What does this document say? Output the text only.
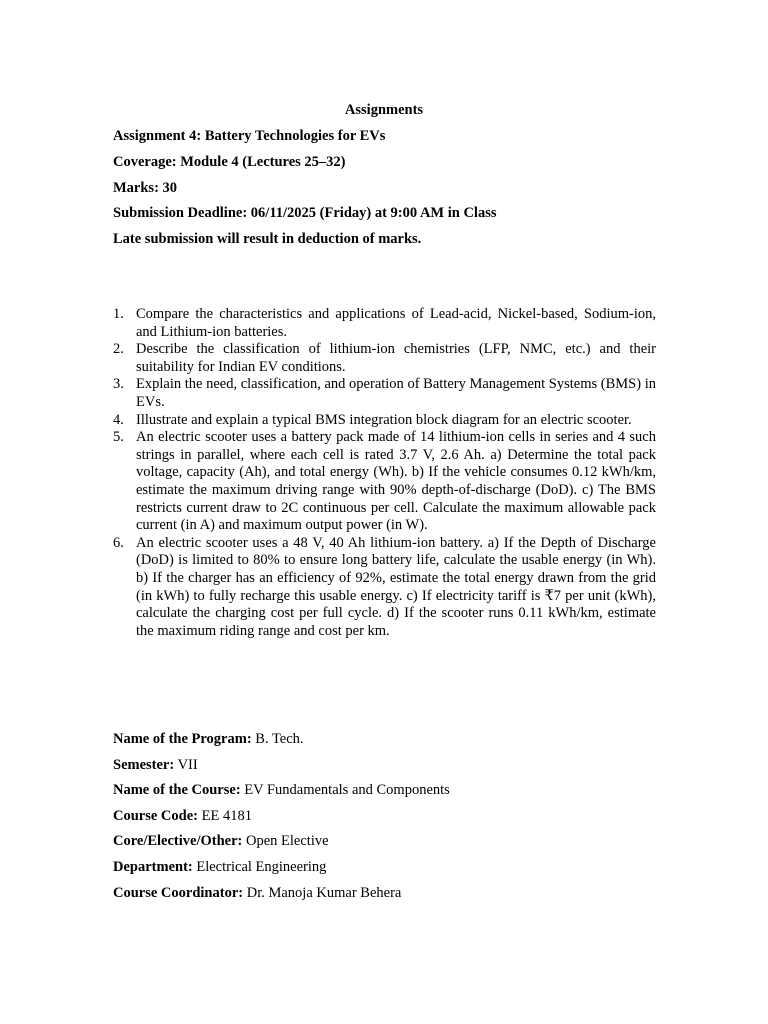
Assignments

Assignment 4: Battery Technologies for EVs

Coverage: Module 4 (Lectures 25–32)

Marks: 30

Submission Deadline: 06/11/2025 (Friday) at 9:00 AM in Class

Late submission will result in deduction of marks.

1. Compare the characteristics and applications of Lead-acid, Nickel-based, Sodium-ion, and Lithium-ion batteries.
2. Describe the classification of lithium-ion chemistries (LFP, NMC, etc.) and their suitability for Indian EV conditions.
3. Explain the need, classification, and operation of Battery Management Systems (BMS) in EVs.
4. Illustrate and explain a typical BMS integration block diagram for an electric scooter.
5. An electric scooter uses a battery pack made of 14 lithium-ion cells in series and 4 such strings in parallel, where each cell is rated 3.7 V, 2.6 Ah. a) Determine the total pack voltage, capacity (Ah), and total energy (Wh). b) If the vehicle consumes 0.12 kWh/km, estimate the maximum driving range with 90% depth-of-discharge (DoD). c) The BMS restricts current draw to 2C continuous per cell. Calculate the maximum allowable pack current (in A) and maximum output power (in W).
6. An electric scooter uses a 48 V, 40 Ah lithium-ion battery. a) If the Depth of Discharge (DoD) is limited to 80% to ensure long battery life, calculate the usable energy (in Wh). b) If the charger has an efficiency of 92%, estimate the total energy drawn from the grid (in kWh) to fully recharge this usable energy. c) If electricity tariff is ₹7 per unit (kWh), calculate the charging cost per full cycle. d) If the scooter runs 0.11 kWh/km, estimate the maximum riding range and cost per km.

Name of the Program: B. Tech.

Semester: VII

Name of the Course: EV Fundamentals and Components

Course Code: EE 4181

Core/Elective/Other: Open Elective

Department: Electrical Engineering

Course Coordinator: Dr. Manoja Kumar Behera
